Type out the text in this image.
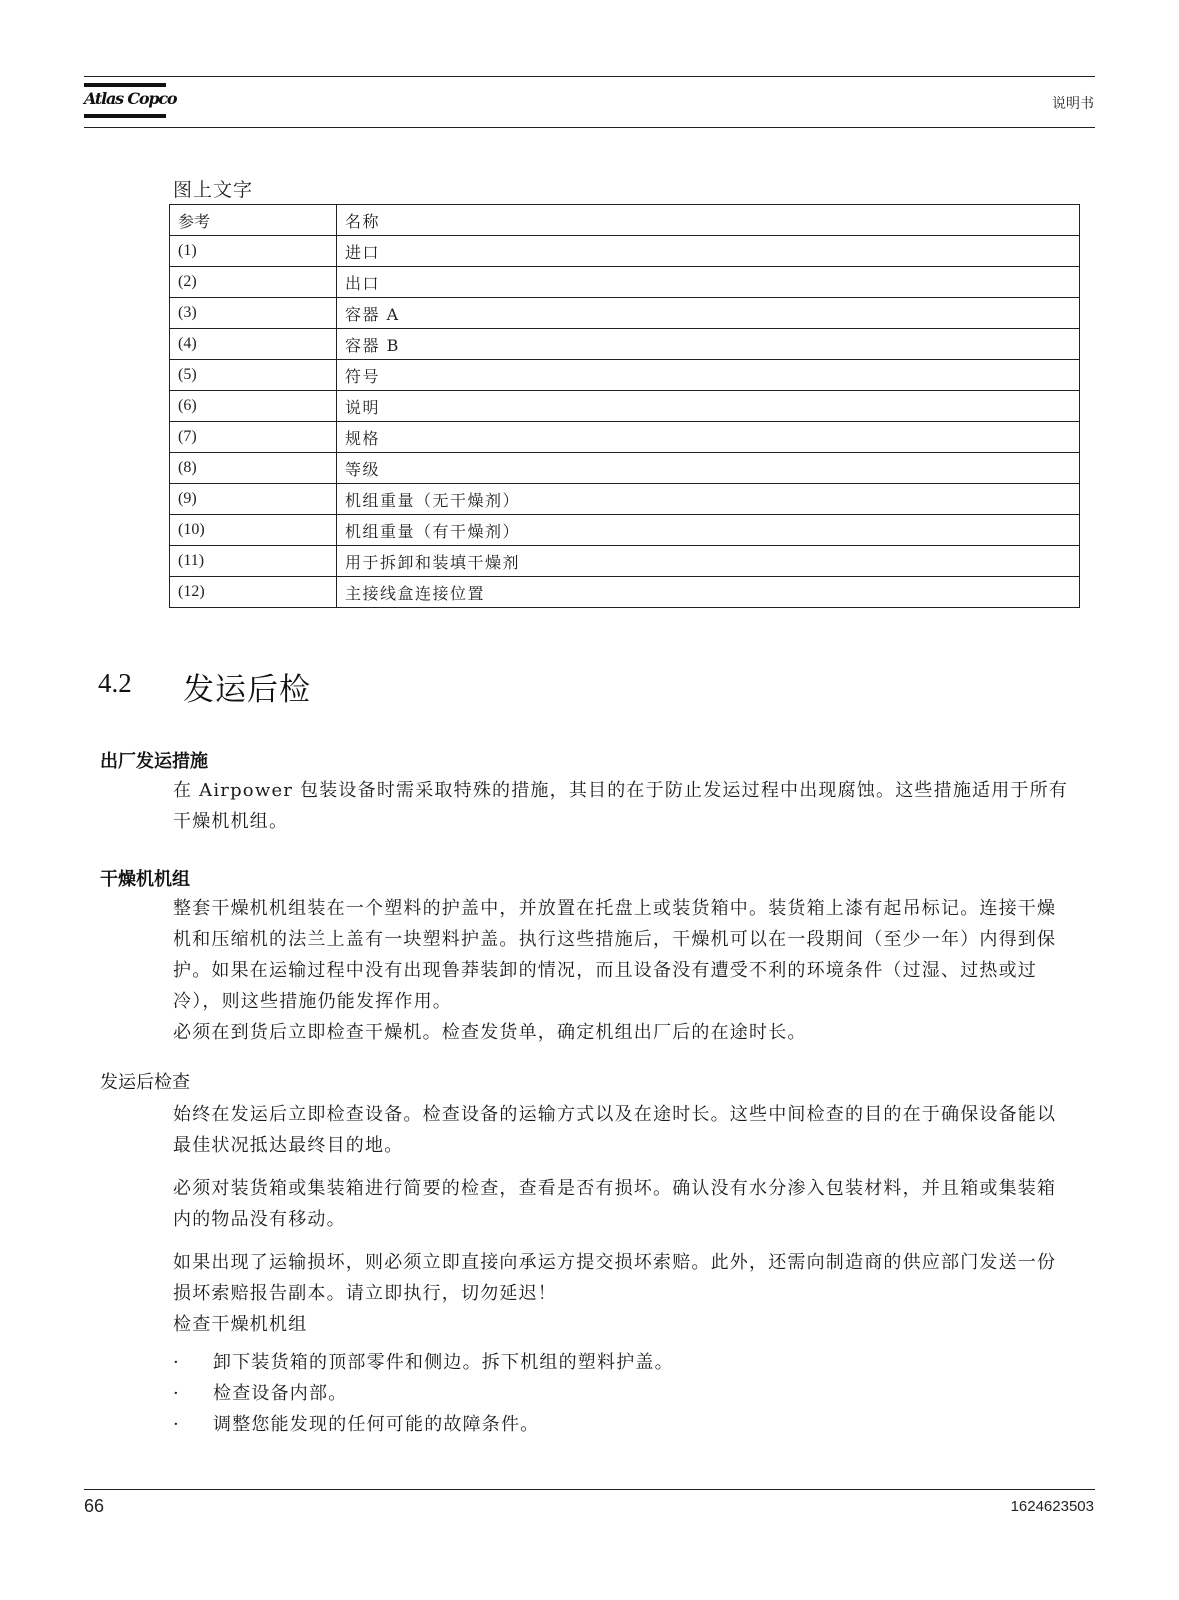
Atlas Copco	说明书
图上文字
参考	名称
(1)	进口
(2)	出口
(3)	容器 A
(4)	容器 B
(5)	符号
(6)	说明
(7)	规格
(8)	等级
(9)	机组重量（无干燥剂）
(10)	机组重量（有干燥剂）
(11)	用于拆卸和装填干燥剂
(12)	主接线盒连接位置
4.2 发运后检
出厂发运措施

在 Airpower 包装设备时需采取特殊的措施，其目的在于防止发运过程中出现腐蚀。这些措施适用于所有干燥机机组。

干燥机机组

整套干燥机机组装在一个塑料的护盖中，并放置在托盘上或装货箱中。装货箱上漆有起吊标记。连接干燥机和压缩机的法兰上盖有一块塑料护盖。执行这些措施后，干燥机可以在一段期间（至少一年）内得到保护。如果在运输过程中没有出现鲁莽装卸的情况，而且设备没有遭受不利的环境条件（过湿、过热或过冷），则这些措施仍能发挥作用。

必须在到货后立即检查干燥机。检查发货单，确定机组出厂后的在途时长。

发运后检查

始终在发运后立即检查设备。检查设备的运输方式以及在途时长。这些中间检查的目的在于确保设备能以最佳状况抵达最终目的地。

必须对装货箱或集装箱进行简要的检查，查看是否有损坏。确认没有水分渗入包装材料，并且箱或集装箱内的物品没有移动。

如果出现了运输损坏，则必须立即直接向承运方提交损坏索赔。此外，还需向制造商的供应部门发送一份损坏索赔报告副本。请立即执行，切勿延迟！

检查干燥机机组

· 卸下装货箱的顶部零件和侧边。拆下机组的塑料护盖。
· 检查设备内部。
· 调整您能发现的任何可能的故障条件。
66	1624623503
